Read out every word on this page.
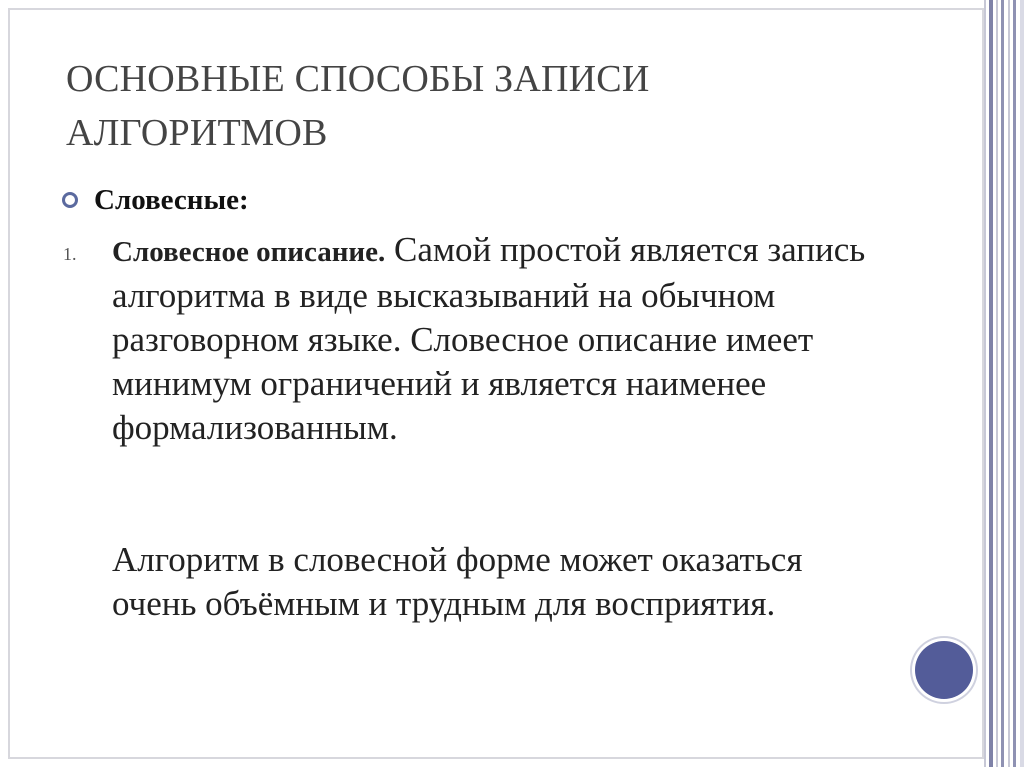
ОСНОВНЫЕ СПОСОБЫ ЗАПИСИ
АЛГОРИТМОВ
Словесные:
1. Словесное описание. Самой простой является запись алгоритма в виде высказываний на обычном разговорном языке. Словесное описание имеет минимум ограничений и является наименее формализованным.

Алгоритм в словесной форме может оказаться очень объёмным и трудным для восприятия.
